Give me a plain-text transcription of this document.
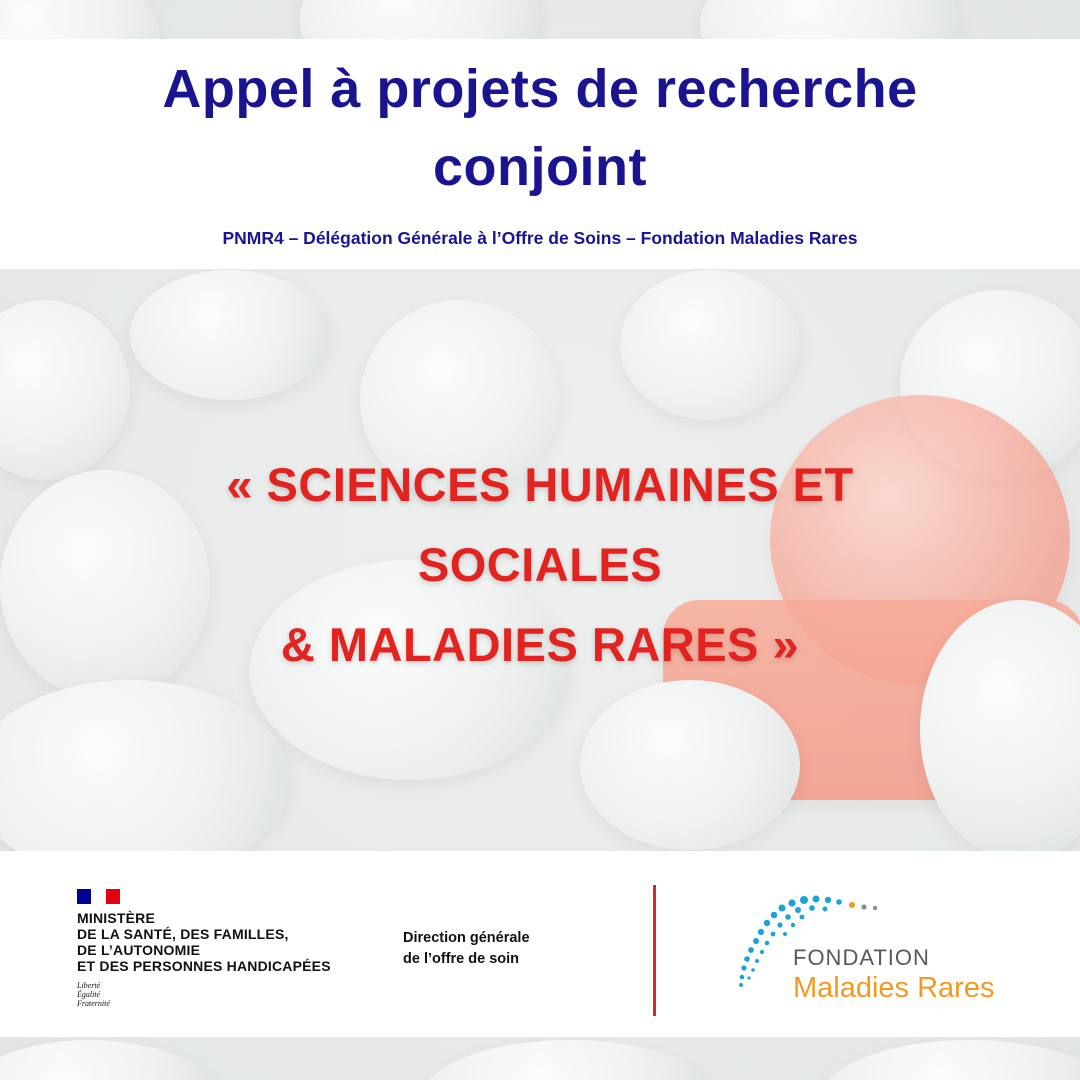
Appel à projets de recherche
conjoint
PNMR4 – Délégation Générale à l’Offre de Soins – Fondation Maladies Rares
« SCIENCES HUMAINES ET
SOCIALES
& MALADIES RARES »
MINISTÈRE
DE LA SANTÉ, DES FAMILLES,
DE L’AUTONOMIE
ET DES PERSONNES HANDICAPÉES
Liberté
Égalité
Fraternité
Direction générale
de l’offre de soin	FONDATION
Maladies Rares
